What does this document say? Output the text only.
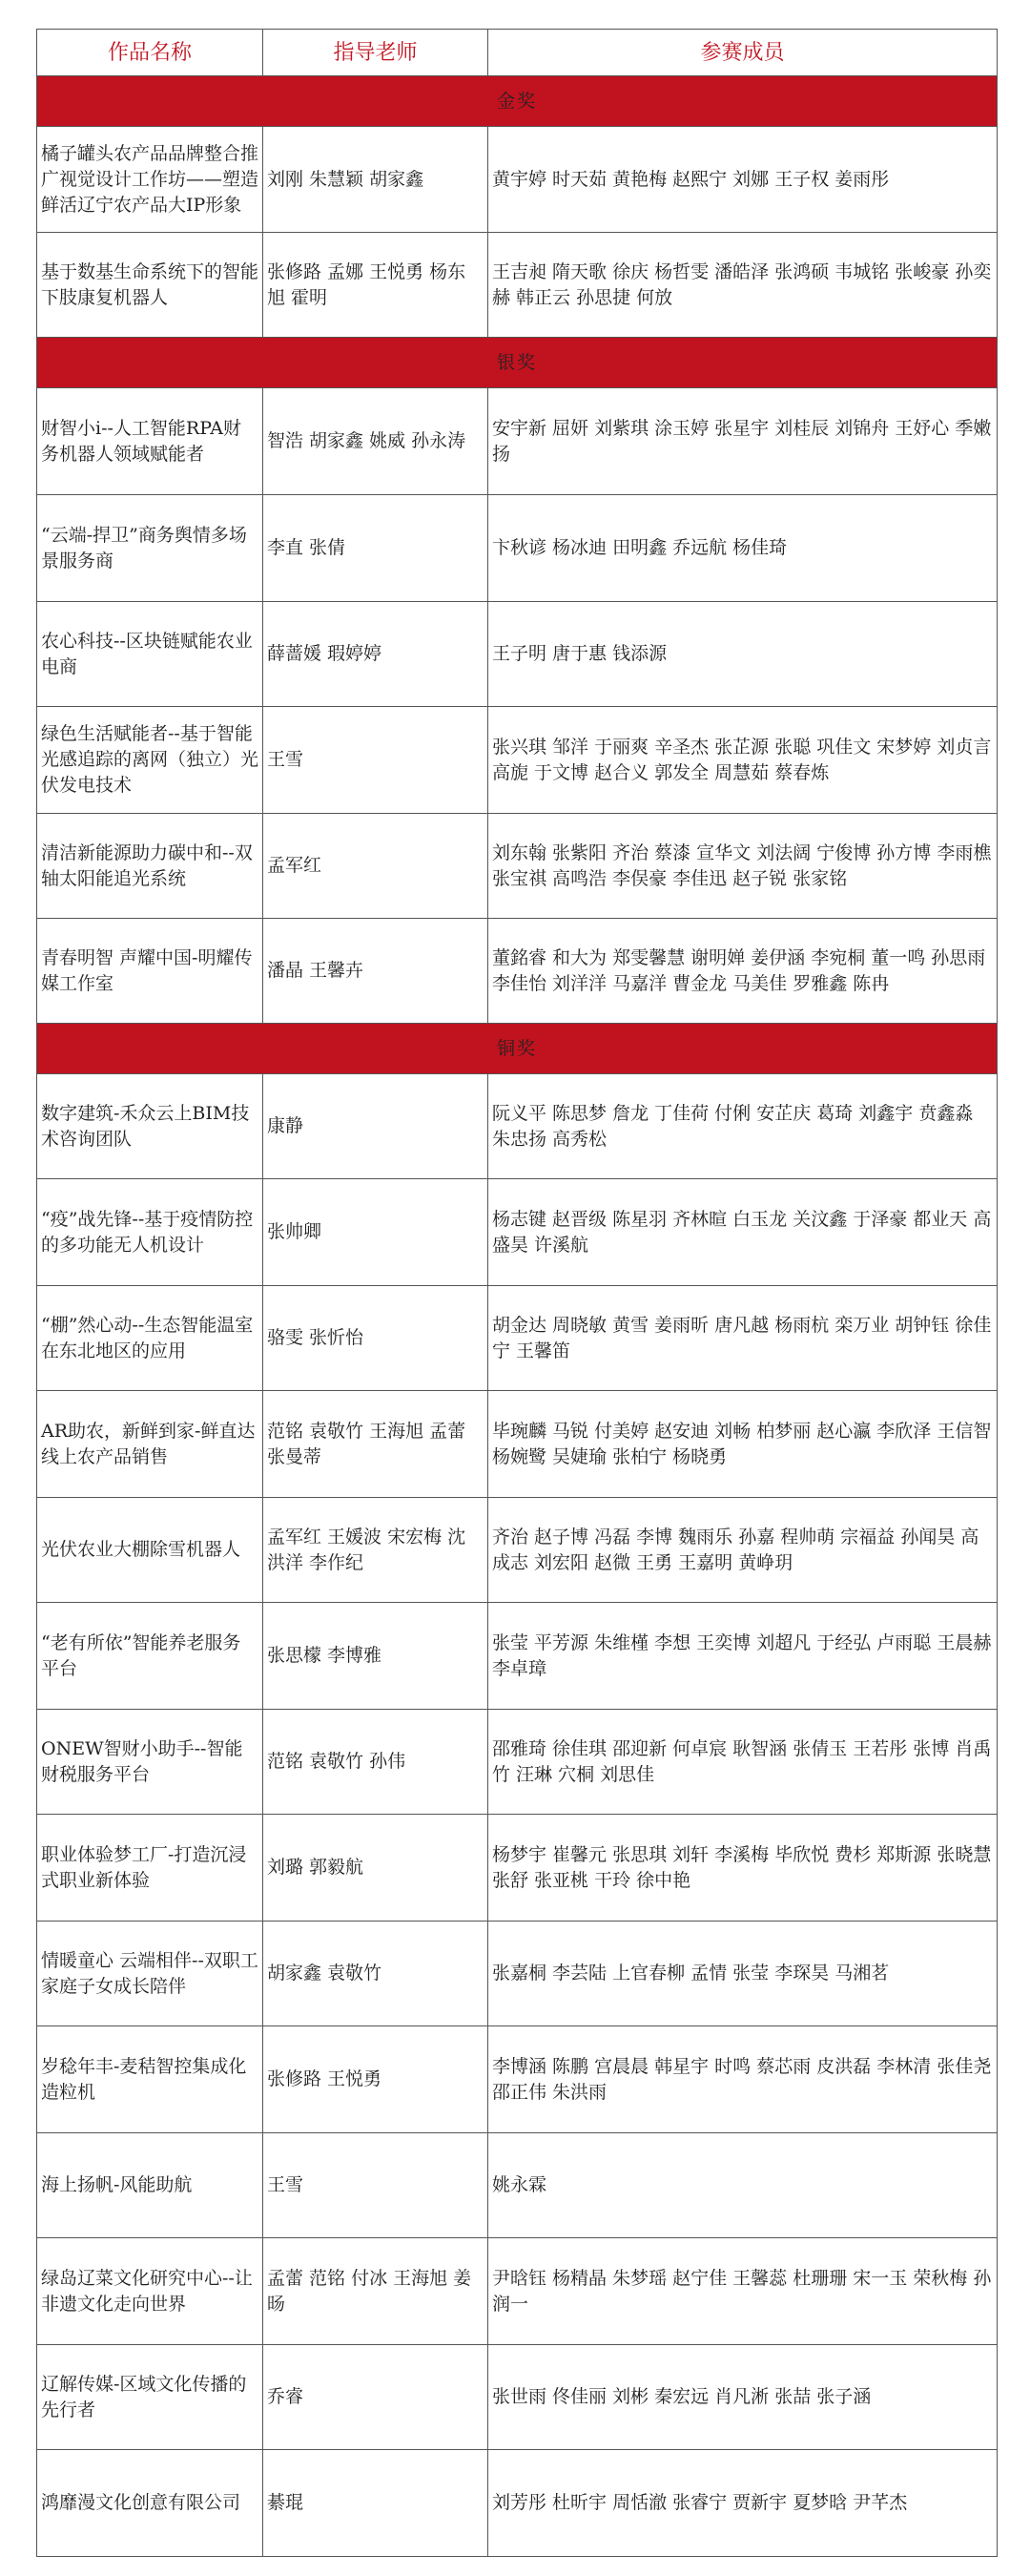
作品名称	指导老师	参赛成员
金奖		
橘子罐头农产品品牌整合推广视觉设计工作坊——塑造鲜活辽宁农产品大IP形象	刘刚 朱慧颖 胡家鑫	黄宇婷 时天茹 黄艳梅 赵熙宁 刘娜 王子权 姜雨彤
基于数基生命系统下的智能下肢康复机器人	张修路 孟娜 王悦勇 杨东旭 霍明	王吉昶 隋天歌 徐庆 杨哲雯 潘皓泽 张鸿硕 韦城铭 张峻豪 孙奕赫 韩正云 孙思捷 何放
银奖		
财智小i--人工智能RPA财务机器人领域赋能者	智浩 胡家鑫 姚威 孙永涛	安宇新 屈妍 刘紫琪 涂玉婷 张星宇 刘桂辰 刘锦舟 王妤心 季嫩扬
“云端-捍卫”商务舆情多场景服务商	李直 张倩	卞秋谚 杨冰迪 田明鑫 乔远航 杨佳琦
农心科技--区块链赋能农业电商	薛蔷媛 瑕婷婷	王子明 唐于惠 钱添源
绿色生活赋能者--基于智能光感追踪的离网（独立）光伏发电技术	王雪	张兴琪 邹洋 于丽爽 辛圣杰 张芷源 张聪 巩佳文 宋梦婷 刘贞言 高旎 于文博 赵合义 郭发全 周慧茹 蔡春炼
清洁新能源助力碳中和--双轴太阳能追光系统	孟军红	刘东翰 张紫阳 齐治 蔡漆 宣华文 刘法阔 宁俊博 孙方博 李雨樵 张宝祺 高鸣浩 李俣豪 李佳迅 赵子锐 张家铭
青春明智 声耀中国-明耀传媒工作室	潘晶 王馨卉	董銘睿 和大为 郑雯馨慧 谢明婵 姜伊涵 李宛桐 董一鸣 孙思雨 李佳怡 刘洋洋 马嘉洋 曹金龙 马美佳 罗雅鑫 陈冉
铜奖		
数字建筑-禾众云上BIM技术咨询团队	康静	阮义平 陈思梦 詹龙 丁佳荷 付俐 安芷庆 葛琦 刘鑫宇 贲鑫淼 朱忠扬 高秀松
“疫”战先锋--基于疫情防控的多功能无人机设计	张帅卿	杨志键 赵晋级 陈星羽 齐林暄 白玉龙 关汶鑫 于泽豪 都业天 高盛昊 许溪航
“棚”然心动--生态智能温室在东北地区的应用	骆雯 张忻怡	胡金达 周晓敏 黄雪 姜雨昕 唐凡越 杨雨杭 栾万业 胡钟钰 徐佳宁 王馨笛
AR助农，新鲜到家-鲜直达线上农产品销售	范铭 袁敬竹 王海旭 孟蕾 张曼蒂	毕琬麟 马锐 付美婷 赵安迪 刘畅 柏梦丽 赵心瀛 李欣泽 王信智 杨婉鹭 吴婕瑜 张柏宁 杨晓勇
光伏农业大棚除雪机器人	孟军红 王媛波 宋宏梅 沈洪洋 李作纪	齐治 赵子博 冯磊 李博 魏雨乐 孙嘉 程帅萌 宗福益 孙闻昊 高成志 刘宏阳 赵微 王勇 王嘉明 黄峥玥
“老有所依”智能养老服务平台	张思檬 李博雅	张莹 平芳源 朱维槿 李想 王奕博 刘超凡 于经弘 卢雨聪 王晨赫 李卓璋
ONEW智财小助手--智能财税服务平台	范铭 袁敬竹 孙伟	邵雅琦 徐佳琪 邵迎新 何卓宸 耿智涵 张倩玉 王若彤 张博 肖禹竹 汪琳 穴桐 刘思佳
职业体验梦工厂-打造沉浸式职业新体验	刘璐 郭毅航	杨梦宇 崔馨元 张思琪 刘轩 李溪梅 毕欣悦 费杉 郑斯源 张晓慧 张舒 张亚桃 干玲 徐中艳
情暖童心 云端相伴--双职工家庭子女成长陪伴	胡家鑫 袁敬竹	张嘉桐 李芸陆 上官春柳 孟情 张莹 李琛昊 马湘茗
岁稔年丰-麦秸智控集成化造粒机	张修路 王悦勇	李博涵 陈鹏 宫晨晨 韩星宇 时鸣 蔡芯雨 皮洪磊 李林清 张佳尧 邵正伟 朱洪雨
海上扬帆-风能助航	王雪	姚永霖
绿岛辽菜文化研究中心--让非遗文化走向世界	孟蕾 范铭 付冰 王海旭 姜旸	尹晗钰 杨精晶 朱梦瑶 赵宁佳 王馨蕊 杜珊珊 宋一玉 荣秋梅 孙润一
辽解传媒-区域文化传播的先行者	乔睿	张世雨 佟佳丽 刘彬 秦宏远 肖凡淅 张喆 张子涵
鸿靡漫文化创意有限公司	綦琨	刘芳彤 杜昕宇 周恬澈 张睿宁 贾新宇 夏梦晗 尹芊杰
